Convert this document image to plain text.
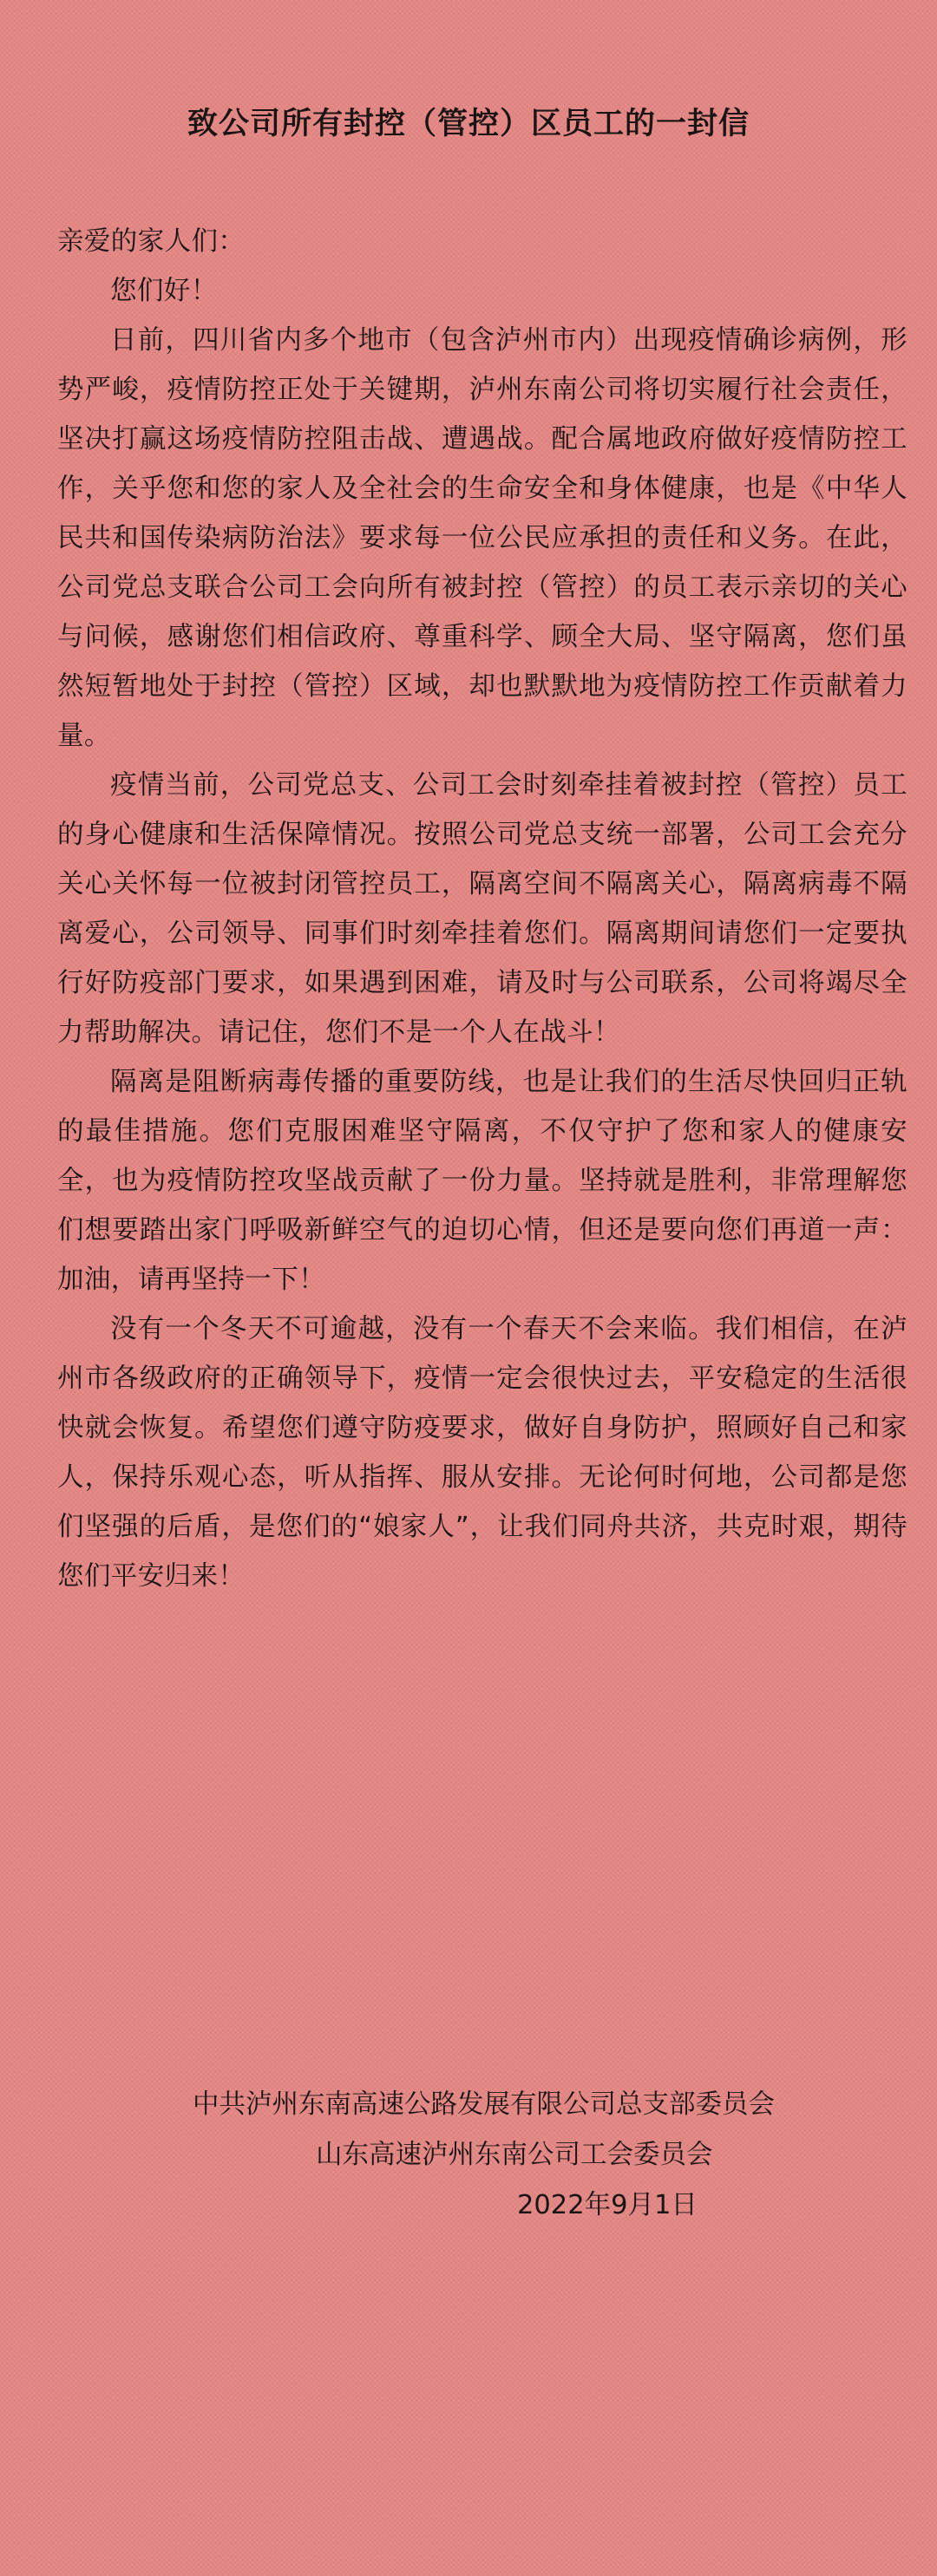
致公司所有封控（管控）区员工的一封信

亲爱的家人们：

您们好！

日前，四川省内多个地市（包含泸州市内）出现疫情确诊病例，形势严峻，疫情防控正处于关键期，泸州东南公司将切实履行社会责任，坚决打赢这场疫情防控阻击战、遭遇战。配合属地政府做好疫情防控工作，关乎您和您的家人及全社会的生命安全和身体健康，也是《中华人民共和国传染病防治法》要求每一位公民应承担的责任和义务。在此，公司党总支联合公司工会向所有被封控（管控）的员工表示亲切的关心与问候，感谢您们相信政府、尊重科学、顾全大局、坚守隔离，您们虽然短暂地处于封控（管控）区域，却也默默地为疫情防控工作贡献着力量。

疫情当前，公司党总支、公司工会时刻牵挂着被封控（管控）员工的身心健康和生活保障情况。按照公司党总支统一部署，公司工会充分关心关怀每一位被封闭管控员工，隔离空间不隔离关心，隔离病毒不隔离爱心，公司领导、同事们时刻牵挂着您们。隔离期间请您们一定要执行好防疫部门要求，如果遇到困难，请及时与公司联系，公司将竭尽全力帮助解决。请记住，您们不是一个人在战斗！

隔离是阻断病毒传播的重要防线，也是让我们的生活尽快回归正轨的最佳措施。您们克服困难坚守隔离，不仅守护了您和家人的健康安全，也为疫情防控攻坚战贡献了一份力量。坚持就是胜利，非常理解您们想要踏出家门呼吸新鲜空气的迫切心情，但还是要向您们再道一声：加油，请再坚持一下！

没有一个冬天不可逾越，没有一个春天不会来临。我们相信，在泸州市各级政府的正确领导下，疫情一定会很快过去，平安稳定的生活很快就会恢复。希望您们遵守防疫要求，做好自身防护，照顾好自己和家人，保持乐观心态，听从指挥、服从安排。无论何时何地，公司都是您们坚强的后盾，是您们的“娘家人”，让我们同舟共济，共克时艰，期待您们平安归来！

中共泸州东南高速公路发展有限公司总支部委员会
山东高速泸州东南公司工会委员会
2022年9月1日
